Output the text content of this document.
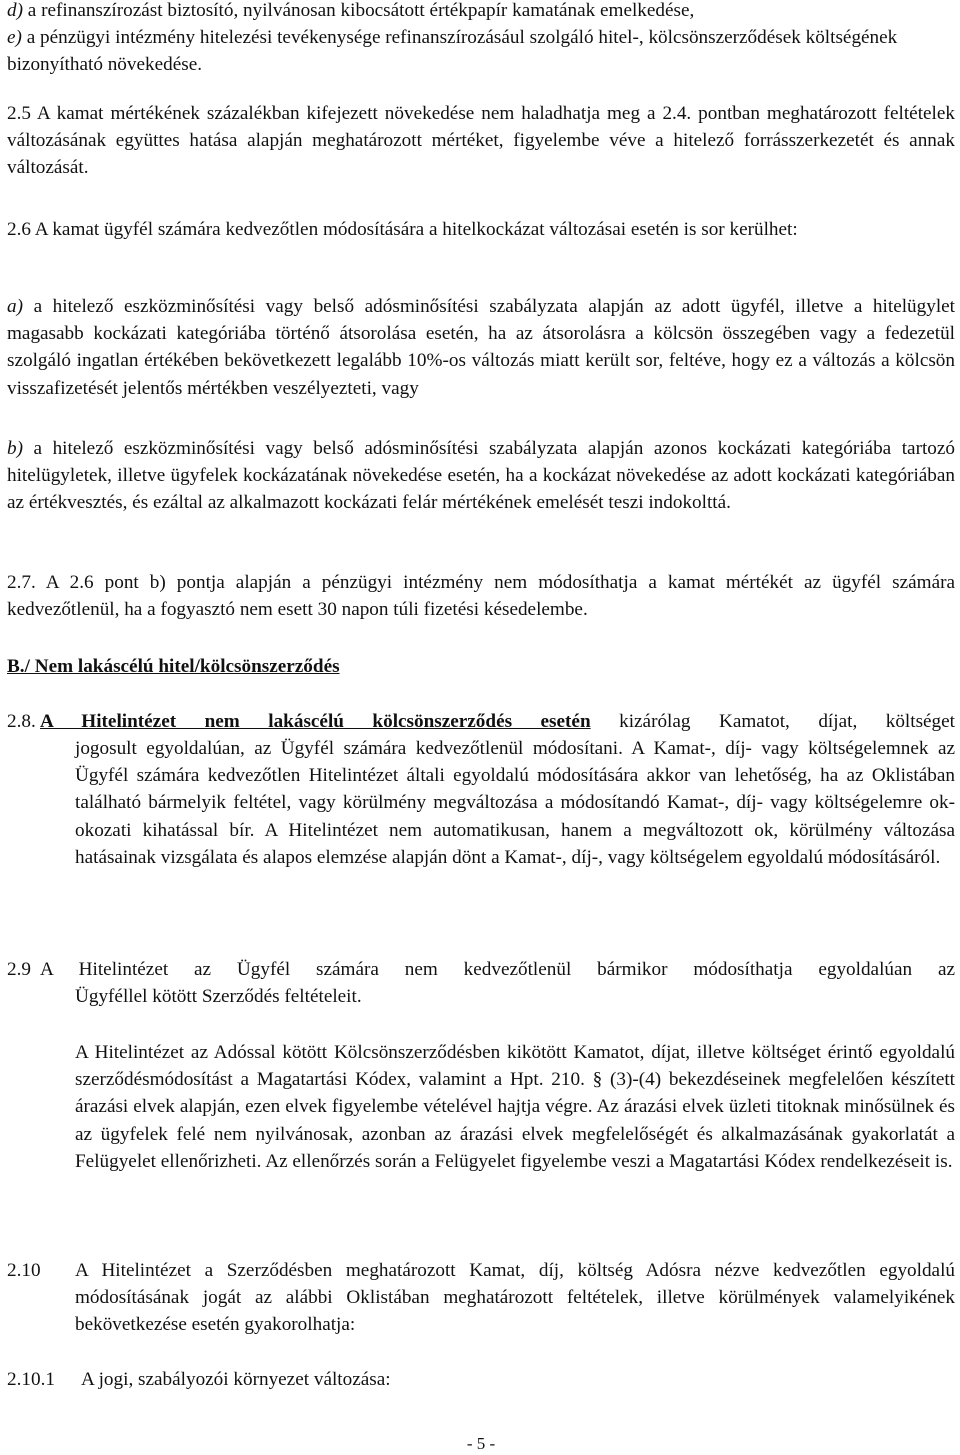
d) a refinanszírozást biztosító, nyilvánosan kibocsátott értékpapír kamatának emelkedése,

e) a pénzügyi intézmény hitelezési tevékenysége refinanszírozásául szolgáló hitel-, kölcsönszerződések költségének bizonyítható növekedése.

2.5 A kamat mértékének százalékban kifejezett növekedése nem haladhatja meg a 2.4. pontban meghatározott feltételek változásának együttes hatása alapján meghatározott mértéket, figyelembe véve a hitelező forrásszerkezetét és annak változását.

2.6 A kamat ügyfél számára kedvezőtlen módosítására a hitelkockázat változásai esetén is sor kerülhet:

a) a hitelező eszközminősítési vagy belső adósminősítési szabályzata alapján az adott ügyfél, illetve a hitelügylet magasabb kockázati kategóriába történő átsorolása esetén, ha az átsorolásra a kölcsön összegében vagy a fedezetül szolgáló ingatlan értékében bekövetkezett legalább 10%-os változás miatt került sor, feltéve, hogy ez a változás a kölcsön visszafizetését jelentős mértékben veszélyezteti, vagy

b) a hitelező eszközminősítési vagy belső adósminősítési szabályzata alapján azonos kockázati kategóriába tartozó hitelügyletek, illetve ügyfelek kockázatának növekedése esetén, ha a kockázat növekedése az adott kockázati kategóriában az értékvesztés, és ezáltal az alkalmazott kockázati felár mértékének emelését teszi indokolttá.

2.7. A 2.6 pont b) pontja alapján a pénzügyi intézmény nem módosíthatja a kamat mértékét az ügyfél számára kedvezőtlenül, ha a fogyasztó nem esett 30 napon túli fizetési késedelembe.

B./ Nem lakáscélú hitel/kölcsönszerződés

2.8. A Hitelintézet nem lakáscélú kölcsönszerződés esetén kizárólag Kamatot, díjat, költséget

jogosult egyoldalúan, az Ügyfél számára kedvezőtlenül módosítani. A Kamat-, díj- vagy költségelemnek az Ügyfél számára kedvezőtlen Hitelintézet általi egyoldalú módosítására akkor van lehetőség, ha az Oklistában található bármelyik feltétel, vagy körülmény megváltozása a módosítandó Kamat-, díj- vagy költségelemre ok-okozati kihatással bír. A Hitelintézet nem automatikusan, hanem a megváltozott ok, körülmény változása hatásainak vizsgálata és alapos elemzése alapján dönt a Kamat-, díj-, vagy költségelem egyoldalú módosításáról.

2.9 A Hitelintézet az Ügyfél számára nem kedvezőtlenül bármikor módosíthatja egyoldalúan az

Ügyféllel kötött Szerződés feltételeit.

A Hitelintézet az Adóssal kötött Kölcsönszerződésben kikötött Kamatot, díjat, illetve költséget érintő egyoldalú szerződésmódosítást a Magatartási Kódex, valamint a Hpt. 210. § (3)-(4) bekezdéseinek megfelelően készített árazási elvek alapján, ezen elvek figyelembe vételével hajtja végre. Az árazási elvek üzleti titoknak minősülnek és az ügyfelek felé nem nyilvánosak, azonban az árazási elvek megfelelőségét és alkalmazásának gyakorlatát a Felügyelet ellenőrizheti. Az ellenőrzés során a Felügyelet figyelembe veszi a Magatartási Kódex rendelkezéseit is.

2.10 A Hitelintézet a Szerződésben meghatározott Kamat, díj, költség Adósra nézve kedvezőtlen egyoldalú módosításának jogát az alábbi Oklistában meghatározott feltételek, illetve körülmények valamelyikének bekövetkezése esetén gyakorolhatja:

2.10.1 A jogi, szabályozói környezet változása:

- 5 -
